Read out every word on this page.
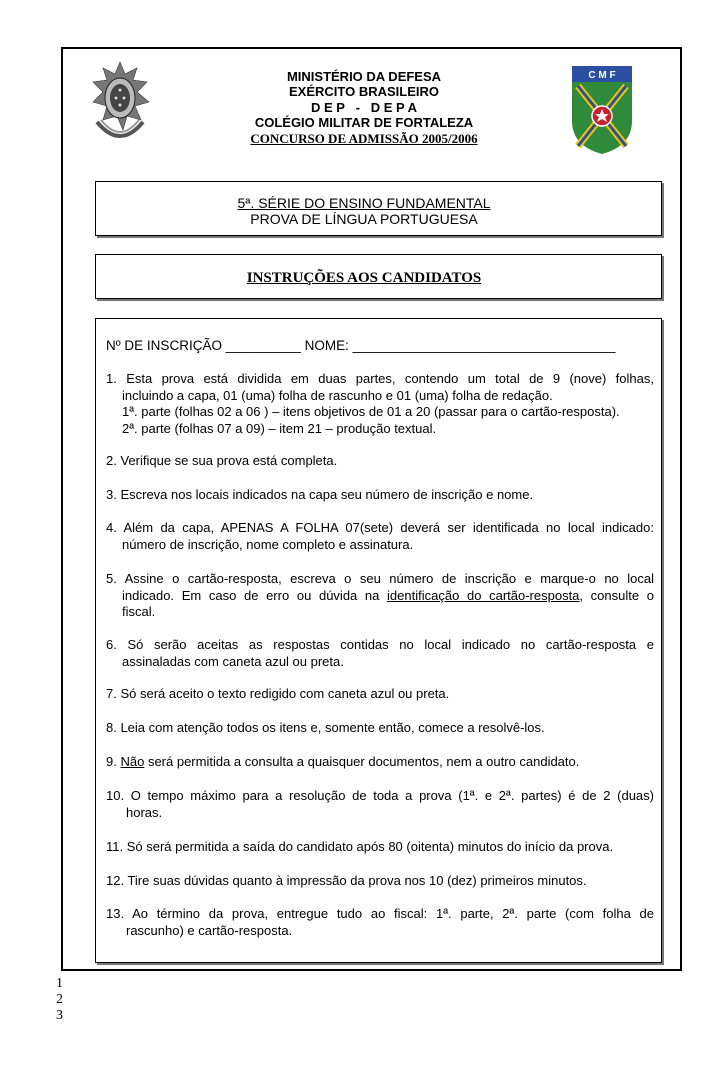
MINISTÉRIO DA DEFESA
EXÉRCITO BRASILEIRO
D E P   -   D E P A
COLÉGIO MILITAR DE FORTALEZA
CONCURSO DE ADMISSÃO 2005/2006
C M F
5ª. SÉRIE DO ENSINO FUNDAMENTAL
PROVA DE LÍNGUA PORTUGUESA
INSTRUÇÕES AOS CANDIDATOS
Nº DE INSCRIÇÃO __________ NOME: ___________________________________
1. Esta prova está dividida em duas partes, contendo um total de 9 (nove) folhas,
incluindo a capa, 01 (uma) folha de rascunho e 01 (uma) folha de redação.
1ª. parte (folhas 02 a 06 ) – itens objetivos de 01 a 20 (passar para o cartão-resposta).
2ª. parte (folhas 07 a 09) – item 21 – produção textual.
2. Verifique se sua prova está completa.
3. Escreva nos locais indicados na capa seu número de inscrição e nome.
4. Além da capa, APENAS A FOLHA 07(sete) deverá ser identificada no local indicado:
número de inscrição, nome completo e assinatura.
5. Assine o cartão-resposta, escreva o seu número de inscrição e marque-o no local
indicado. Em caso de erro ou dúvida na identificação do cartão-resposta, consulte o
fiscal.
6. Só serão aceitas as respostas contidas no local indicado no cartão-resposta e
assinaladas com caneta azul ou preta.
7. Só será aceito o texto redigido com caneta azul ou preta.
8. Leia com atenção todos os itens e, somente então, comece a resolvê-los.
9. Não será permitida a consulta a quaisquer documentos, nem a outro candidato.
10. O tempo máximo para a resolução de toda a prova (1ª. e 2ª. partes) é de 2 (duas)
horas.
11. Só será permitida a saída do candidato após 80 (oitenta) minutos do início da prova.
12. Tire suas dúvidas quanto à impressão da prova nos 10 (dez) primeiros minutos.
13. Ao término da prova, entregue tudo ao fiscal: 1ª. parte, 2ª. parte (com folha de
rascunho) e cartão-resposta.
1
2
3
